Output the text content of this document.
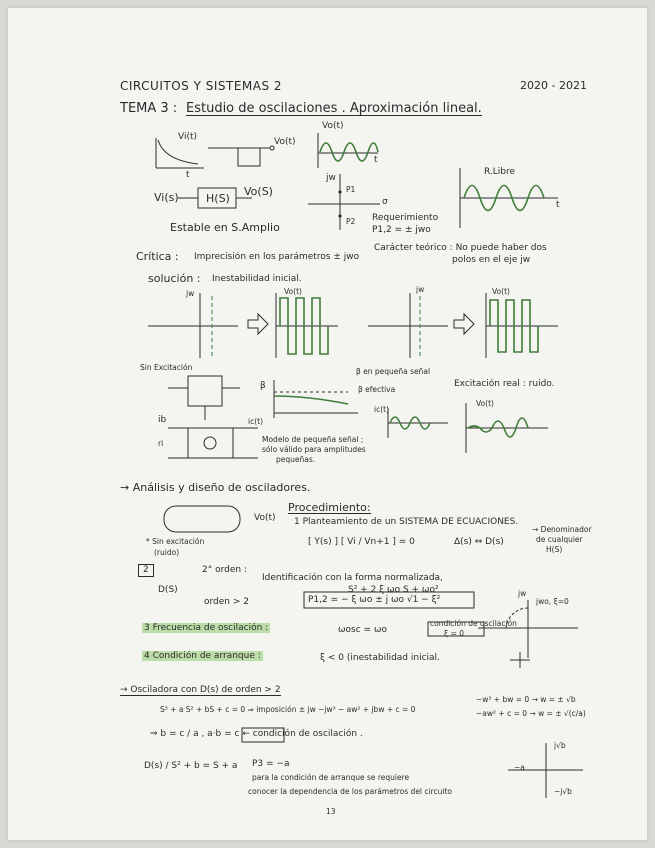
CIRCUITOS Y SISTEMAS 2	2020 - 2021
TEMA 3 : Estudio de oscilaciones . Aproximación lineal.
Vi(t)	Vo(t)
Vo(t)
t
t
Vi(s) H(S)
Vo(S)
Estable en S.Amplio
jw
P1
P2
σ
Requerimiento
P1,2 = ± jwo
R.Libre
t
Crítica : Imprecisión en los parámetros ± jwo
Carácter teórico : No puede haber dos
polos en el eje jw
solución : Inestabilidad inicial.
jw	Vo(t)	jw	Vo(t)
Sin Excitación
β
β en pequeña señal
β efectiva
Excitación real : ruido.
ib
ri
ic(t)
ic(t)
Vo(t)
Modelo de pequeña señal ;
sólo válido para amplitudes
pequeñas.
→ Análisis y diseño de osciladores.
Procedimiento:
Vo(t) 1 Planteamiento de un SISTEMA DE ECUACIONES.
* Sin excitación
(ruido)
[ Y(s) ] [ Vi / Vn+1 ] = 0	Δ(s) ⇔ D(s)
→ Denominador
de cualquier
H(S)
2
D(S)
2° orden :
Identificación con la forma normalizada,
S² + 2 ξ ωo S + ωo²
P1,2 = − ξ ωo ± j ωo √1 − ξ²
orden > 2
jw
jwo, ξ=0
3 Frecuencia de oscilación :	ωosc = ωo
condición de oscilación
ξ = 0
4 Condición de arranque :	ξ < 0 (inestabilidad inicial.
→ Osciladora con D(s) de orden > 2
S³ + a S² + bS + c = 0 ⇒ imposición ± jw −jw³ − aw² + jbw + c = 0
−w³ + bw = 0 → w = ± √b
−aw² + c = 0 → w = ± √(c/a)
⇒ b = c / a , a·b = c ← condición de oscilación .
D(s) / S² + b = S + a P3 = −a
para la condición de arranque se requiere
conocer la dependencia de los parámetros del circuito
j√b
−a
−j√b
13
